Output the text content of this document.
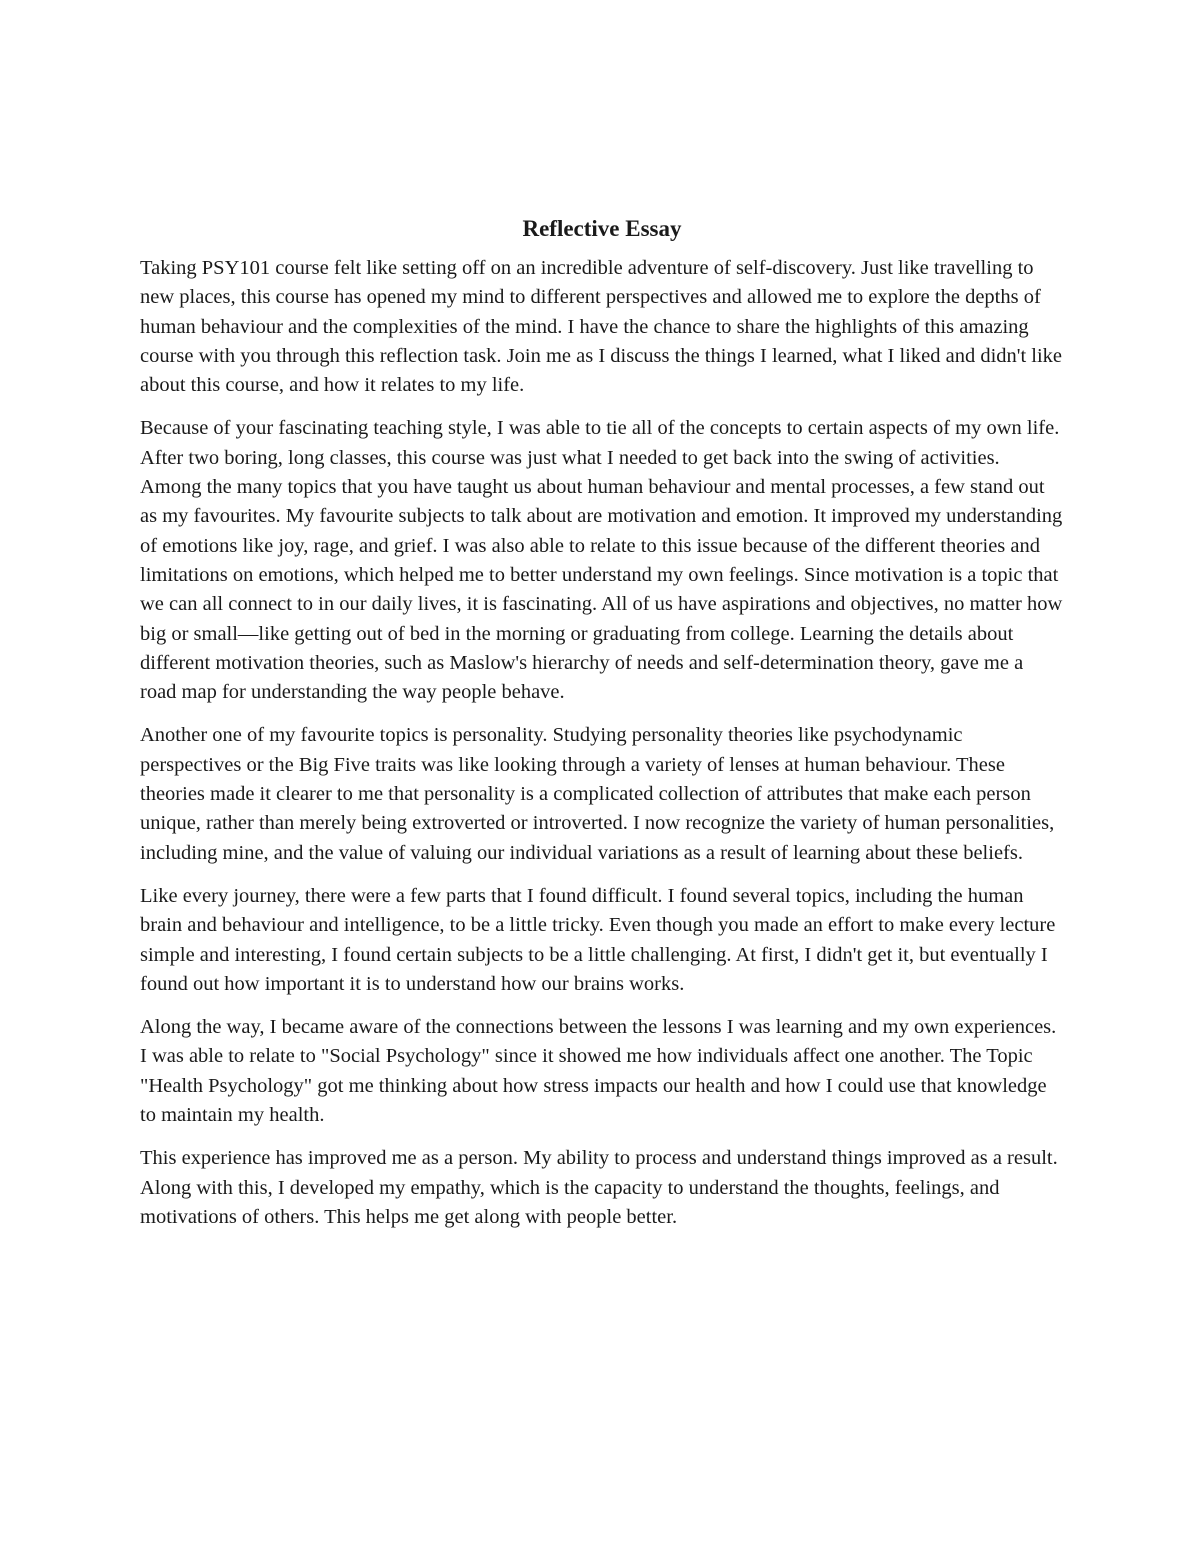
Reflective Essay

Taking PSY101 course felt like setting off on an incredible adventure of self-discovery. Just like travelling to new places, this course has opened my mind to different perspectives and allowed me to explore the depths of human behaviour and the complexities of the mind. I have the chance to share the highlights of this amazing course with you through this reflection task. Join me as I discuss the things I learned, what I liked and didn't like about this course, and how it relates to my life.

Because of your fascinating teaching style, I was able to tie all of the concepts to certain aspects of my own life. After two boring, long classes, this course was just what I needed to get back into the swing of activities. Among the many topics that you have taught us about human behaviour and mental processes, a few stand out as my favourites. My favourite subjects to talk about are motivation and emotion. It improved my understanding of emotions like joy, rage, and grief. I was also able to relate to this issue because of the different theories and limitations on emotions, which helped me to better understand my own feelings. Since motivation is a topic that we can all connect to in our daily lives, it is fascinating. All of us have aspirations and objectives, no matter how big or small—like getting out of bed in the morning or graduating from college. Learning the details about different motivation theories, such as Maslow's hierarchy of needs and self-determination theory, gave me a road map for understanding the way people behave.

Another one of my favourite topics is personality. Studying personality theories like psychodynamic perspectives or the Big Five traits was like looking through a variety of lenses at human behaviour. These theories made it clearer to me that personality is a complicated collection of attributes that make each person unique, rather than merely being extroverted or introverted. I now recognize the variety of human personalities, including mine, and the value of valuing our individual variations as a result of learning about these beliefs.

Like every journey, there were a few parts that I found difficult. I found several topics, including the human brain and behaviour and intelligence, to be a little tricky. Even though you made an effort to make every lecture simple and interesting, I found certain subjects to be a little challenging. At first, I didn't get it, but eventually I found out how important it is to understand how our brains works.

Along the way, I became aware of the connections between the lessons I was learning and my own experiences. I was able to relate to "Social Psychology" since it showed me how individuals affect one another. The Topic "Health Psychology" got me thinking about how stress impacts our health and how I could use that knowledge to maintain my health.

This experience has improved me as a person. My ability to process and understand things improved as a result. Along with this, I developed my empathy, which is the capacity to understand the thoughts, feelings, and motivations of others. This helps me get along with people better.
